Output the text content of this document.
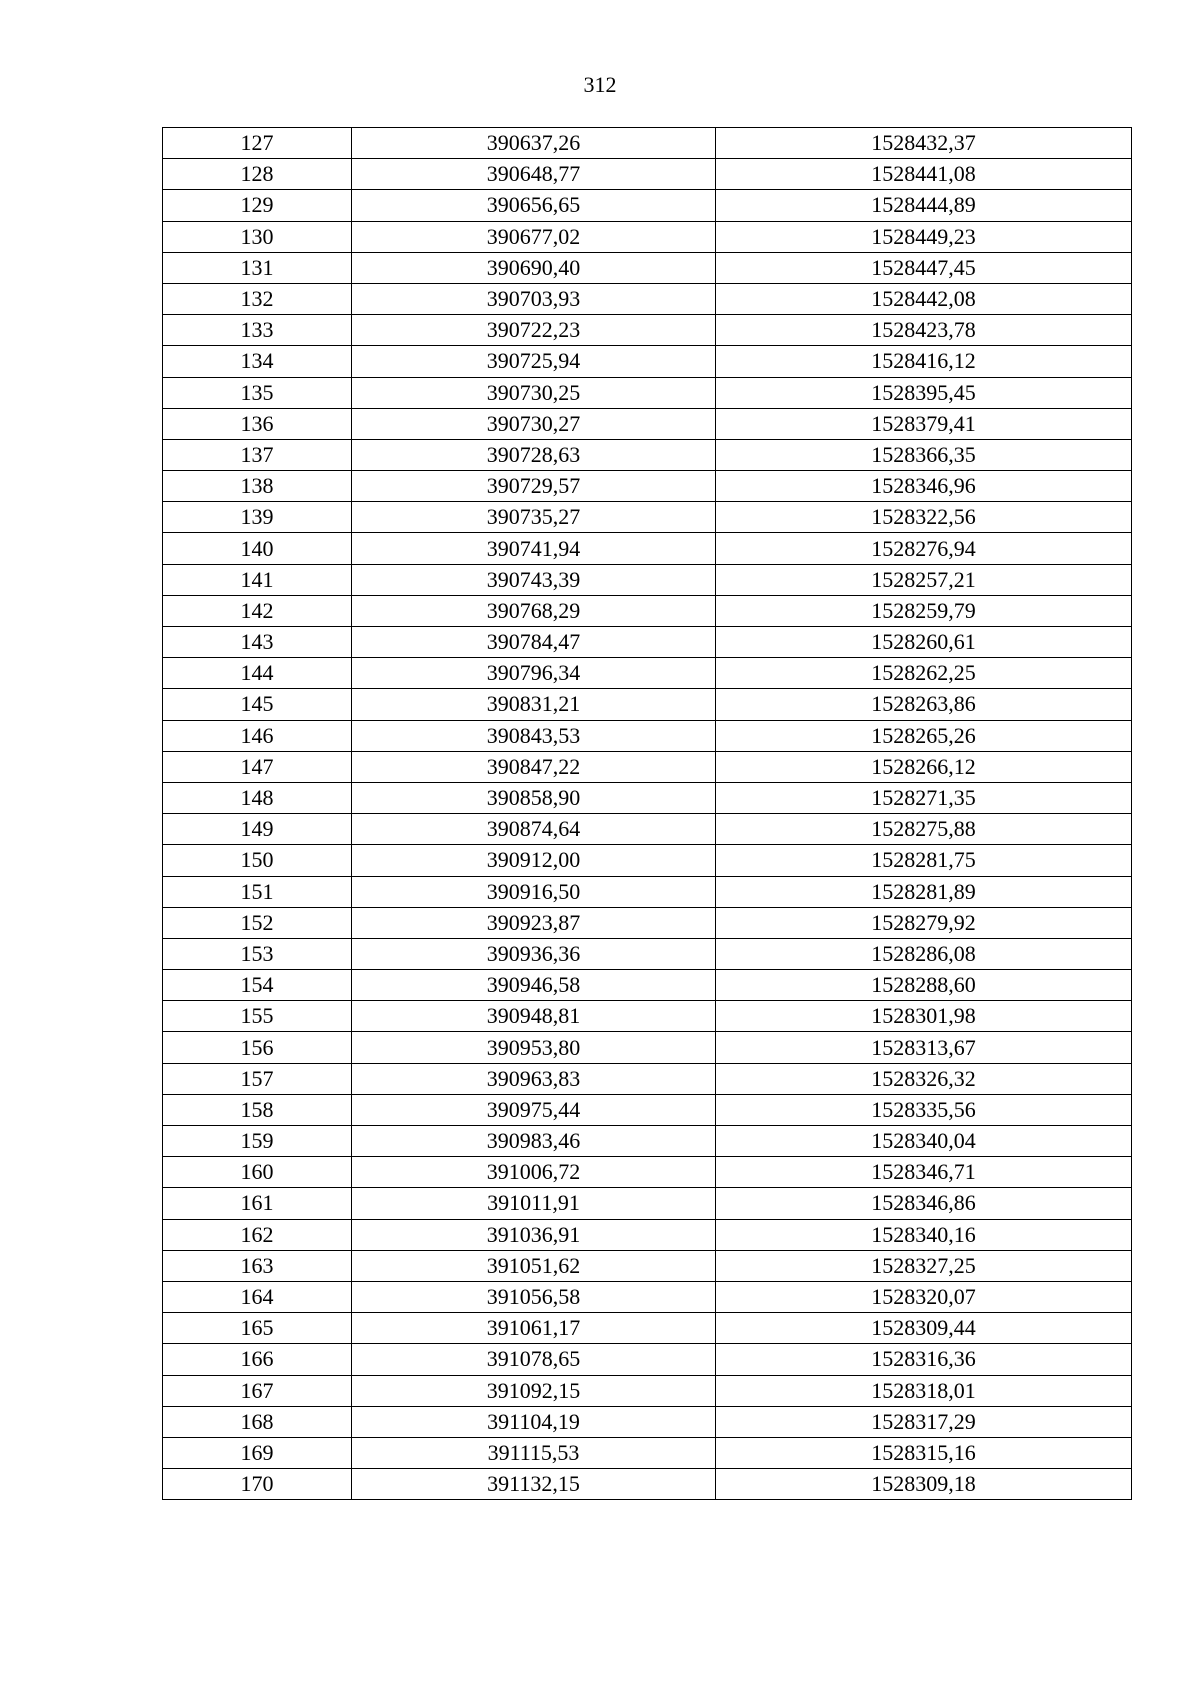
312
127	390637,26	1528432,37
128	390648,77	1528441,08
129	390656,65	1528444,89
130	390677,02	1528449,23
131	390690,40	1528447,45
132	390703,93	1528442,08
133	390722,23	1528423,78
134	390725,94	1528416,12
135	390730,25	1528395,45
136	390730,27	1528379,41
137	390728,63	1528366,35
138	390729,57	1528346,96
139	390735,27	1528322,56
140	390741,94	1528276,94
141	390743,39	1528257,21
142	390768,29	1528259,79
143	390784,47	1528260,61
144	390796,34	1528262,25
145	390831,21	1528263,86
146	390843,53	1528265,26
147	390847,22	1528266,12
148	390858,90	1528271,35
149	390874,64	1528275,88
150	390912,00	1528281,75
151	390916,50	1528281,89
152	390923,87	1528279,92
153	390936,36	1528286,08
154	390946,58	1528288,60
155	390948,81	1528301,98
156	390953,80	1528313,67
157	390963,83	1528326,32
158	390975,44	1528335,56
159	390983,46	1528340,04
160	391006,72	1528346,71
161	391011,91	1528346,86
162	391036,91	1528340,16
163	391051,62	1528327,25
164	391056,58	1528320,07
165	391061,17	1528309,44
166	391078,65	1528316,36
167	391092,15	1528318,01
168	391104,19	1528317,29
169	391115,53	1528315,16
170	391132,15	1528309,18
